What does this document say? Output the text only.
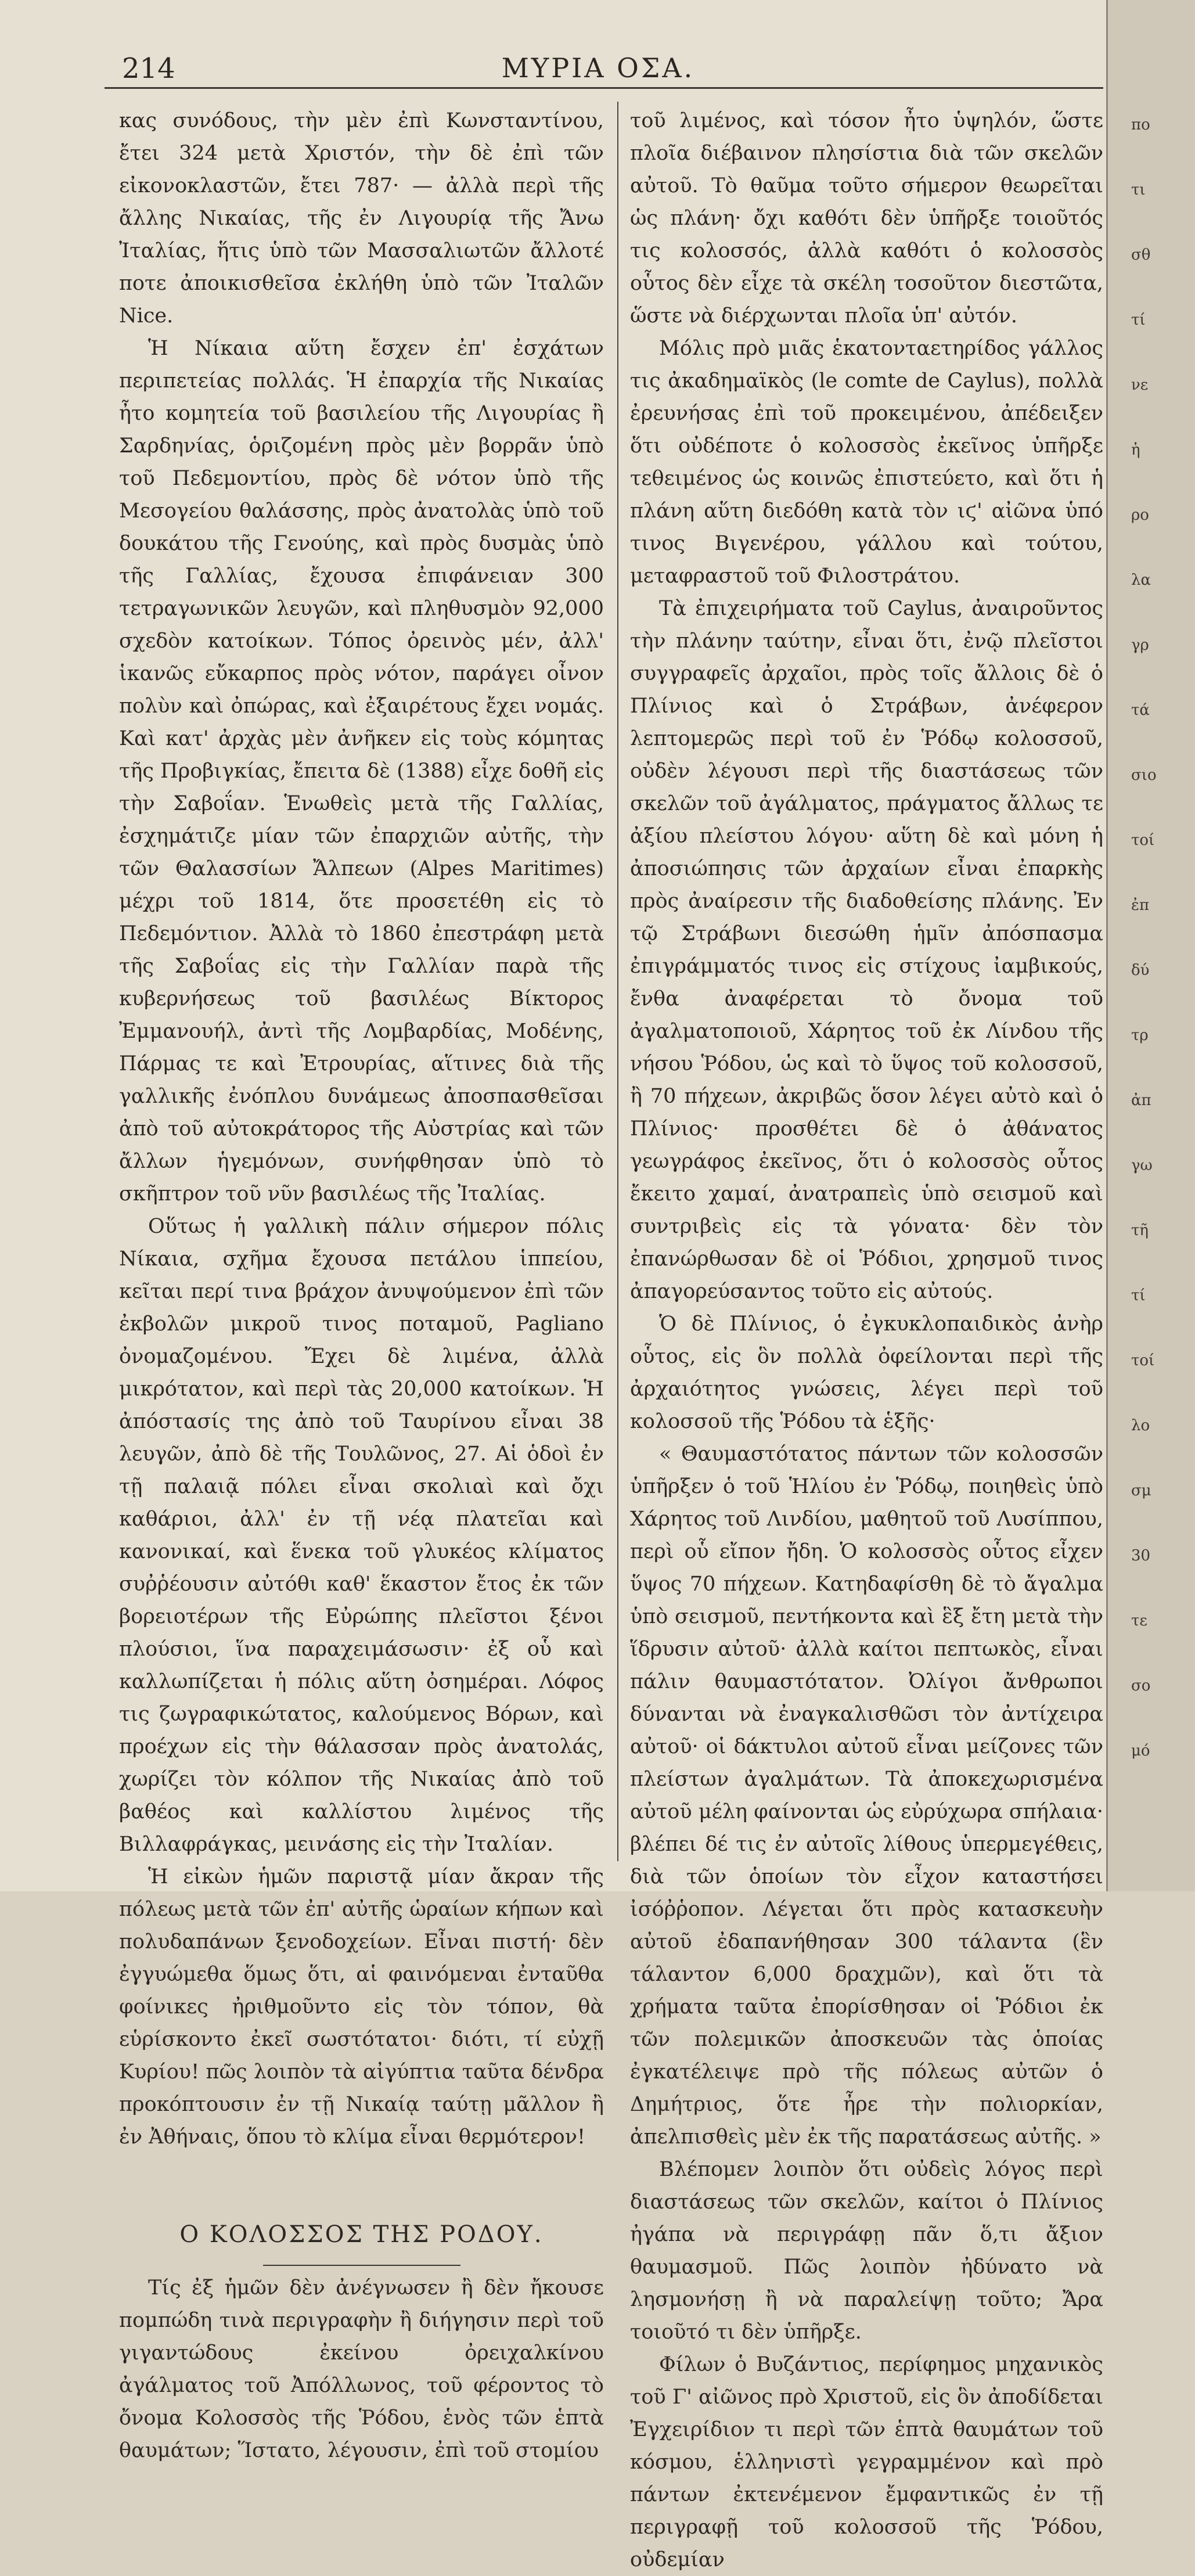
214	ΜΥΡΙΑ ΟΣΑ.

κας συνόδους, τὴν μὲν ἐπὶ Κωνσταντίνου, ἔτει 324 μετὰ Χριστόν, τὴν δὲ ἐπὶ τῶν εἰκονοκλαστῶν, ἔτει 787· — ἀλλὰ περὶ τῆς ἄλλης Νικαίας, τῆς ἐν Λιγουρίᾳ τῆς Ἄνω Ἰταλίας, ἥτις ὑπὸ τῶν Μασσαλιωτῶν ἄλλοτέ ποτε ἀποικισθεῖσα ἐκλήθη ὑπὸ τῶν Ἰταλῶν Nice.

Ἡ Νίκαια αὕτη ἔσχεν ἐπ' ἐσχάτων περιπετείας πολλάς. Ἡ ἐπαρχία τῆς Νικαίας ἦτο κομητεία τοῦ βασιλείου τῆς Λιγουρίας ἢ Σαρδηνίας, ὁριζομένη πρὸς μὲν βορρᾶν ὑπὸ τοῦ Πεδεμοντίου, πρὸς δὲ νότον ὑπὸ τῆς Μεσογείου θαλάσσης, πρὸς ἀνατολὰς ὑπὸ τοῦ δουκάτου τῆς Γενούης, καὶ πρὸς δυσμὰς ὑπὸ τῆς Γαλλίας, ἔχουσα ἐπιφάνειαν 300 τετραγωνικῶν λευγῶν, καὶ πληθυσμὸν 92,000 σχεδὸν κατοίκων. Τόπος ὀρεινὸς μέν, ἀλλ' ἱκανῶς εὔκαρπος πρὸς νότον, παράγει οἶνον πολὺν καὶ ὀπώρας, καὶ ἐξαιρέτους ἔχει νομάς. Καὶ κατ' ἀρχὰς μὲν ἀνῆκεν εἰς τοὺς κόμητας τῆς Προβιγκίας, ἔπειτα δὲ (1388) εἶχε δοθῆ εἰς τὴν Σαβοΐαν. Ἑνωθεὶς μετὰ τῆς Γαλλίας, ἐσχημάτιζε μίαν τῶν ἐπαρχιῶν αὐτῆς, τὴν τῶν Θαλασσίων Ἄλπεων (Alpes Maritimes) μέχρι τοῦ 1814, ὅτε προσετέθη εἰς τὸ Πεδεμόντιον. Ἀλλὰ τὸ 1860 ἐπεστράφη μετὰ τῆς Σαβοΐας εἰς τὴν Γαλλίαν παρὰ τῆς κυβερνήσεως τοῦ βασιλέως Βίκτορος Ἐμμανουήλ, ἀντὶ τῆς Λομβαρδίας, Μοδένης, Πάρμας τε καὶ Ἐτρουρίας, αἵτινες διὰ τῆς γαλλικῆς ἐνόπλου δυνάμεως ἀποσπασθεῖσαι ἀπὸ τοῦ αὐτοκράτορος τῆς Αὐστρίας καὶ τῶν ἄλλων ἡγεμόνων, συνήφθησαν ὑπὸ τὸ σκῆπτρον τοῦ νῦν βασιλέως τῆς Ἰταλίας.

Οὕτως ἡ γαλλικὴ πάλιν σήμερον πόλις Νίκαια, σχῆμα ἔχουσα πετάλου ἱππείου, κεῖται περί τινα βράχον ἀνυψούμενον ἐπὶ τῶν ἐκβολῶν μικροῦ τινος ποταμοῦ, Pagliano ὀνομαζομένου. Ἔχει δὲ λιμένα, ἀλλὰ μικρότατον, καὶ περὶ τὰς 20,000 κατοίκων. Ἡ ἀπόστασίς της ἀπὸ τοῦ Ταυρίνου εἶναι 38 λευγῶν, ἀπὸ δὲ τῆς Τουλῶνος, 27. Αἱ ὁδοὶ ἐν τῇ παλαιᾷ πόλει εἶναι σκολιαὶ καὶ ὄχι καθάριοι, ἀλλ' ἐν τῇ νέᾳ πλατεῖαι καὶ κανονικαί, καὶ ἕνεκα τοῦ γλυκέος κλίματος συῤῥέουσιν αὐτόθι καθ' ἕκαστον ἔτος ἐκ τῶν βορειοτέρων τῆς Εὐρώπης πλεῖστοι ξένοι πλούσιοι, ἵνα παραχειμάσωσιν· ἐξ οὗ καὶ καλλωπίζεται ἡ πόλις αὕτη ὀσημέραι. Λόφος τις ζωγραφικώτατος, καλούμενος Βόρων, καὶ προέχων εἰς τὴν θάλασσαν πρὸς ἀνατολάς, χωρίζει τὸν κόλπον τῆς Νικαίας ἀπὸ τοῦ βαθέος καὶ καλλίστου λιμένος τῆς Βιλλαφράγκας, μεινάσης εἰς τὴν Ἰταλίαν.

Ἡ εἰκὼν ἡμῶν παριστᾷ μίαν ἄκραν τῆς πόλεως μετὰ τῶν ἐπ' αὐτῆς ὡραίων κήπων καὶ πολυδαπάνων ξενοδοχείων. Εἶναι πιστή· δὲν ἐγγυώμεθα ὅμως ὅτι, αἱ φαινόμεναι ἐνταῦθα φοίνικες ἠριθμοῦντο εἰς τὸν τόπον, θὰ εὑρίσκοντο ἐκεῖ σωστότατοι· διότι, τί εὐχῇ Κυρίου! πῶς λοιπὸν τὰ αἰγύπτια ταῦτα δένδρα προκόπτουσιν ἐν τῇ Νικαίᾳ ταύτῃ μᾶλλον ἢ ἐν Ἀθήναις, ὅπου τὸ κλίμα εἶναι θερμότερον!

Ο ΚΟΛΟΣΣΟΣ ΤΗΣ ΡΟΔΟΥ.

Τίς ἐξ ἡμῶν δὲν ἀνέγνωσεν ἢ δὲν ἤκουσε πομπώδη τινὰ περιγραφὴν ἢ διήγησιν περὶ τοῦ γιγαντώδους ἐκείνου ὀρειχαλκίνου ἀγάλματος τοῦ Ἀπόλλωνος, τοῦ φέροντος τὸ ὄνομα Κολοσσὸς τῆς Ῥόδου, ἑνὸς τῶν ἑπτὰ θαυμάτων; Ἵστατο, λέγουσιν, ἐπὶ τοῦ στομίου

τοῦ λιμένος, καὶ τόσον ἦτο ὑψηλόν, ὥστε πλοῖα διέβαινον πλησίστια διὰ τῶν σκελῶν αὐτοῦ. Τὸ θαῦμα τοῦτο σήμερον θεωρεῖται ὡς πλάνη· ὄχι καθότι δὲν ὑπῆρξε τοιοῦτός τις κολοσσός, ἀλλὰ καθότι ὁ κολοσσὸς οὗτος δὲν εἶχε τὰ σκέλη τοσοῦτον διεστῶτα, ὥστε νὰ διέρχωνται πλοῖα ὑπ' αὐτόν.

Μόλις πρὸ μιᾶς ἑκατονταετηρίδος γάλλος τις ἀκαδημαϊκὸς (le comte de Caylus), πολλὰ ἐρευνήσας ἐπὶ τοῦ προκειμένου, ἀπέδειξεν ὅτι οὐδέποτε ὁ κολοσσὸς ἐκεῖνος ὑπῆρξε τεθειμένος ὡς κοινῶς ἐπιστεύετο, καὶ ὅτι ἡ πλάνη αὕτη διεδόθη κατὰ τὸν ιϛ' αἰῶνα ὑπό τινος Βιγενέρου, γάλλου καὶ τούτου, μεταφραστοῦ τοῦ Φιλοστράτου.

Τὰ ἐπιχειρήματα τοῦ Caylus, ἀναιροῦντος τὴν πλάνην ταύτην, εἶναι ὅτι, ἐνῷ πλεῖστοι συγγραφεῖς ἀρχαῖοι, πρὸς τοῖς ἄλλοις δὲ ὁ Πλίνιος καὶ ὁ Στράβων, ἀνέφερον λεπτομερῶς περὶ τοῦ ἐν Ῥόδῳ κολοσσοῦ, οὐδὲν λέγουσι περὶ τῆς διαστάσεως τῶν σκελῶν τοῦ ἀγάλματος, πράγματος ἄλλως τε ἀξίου πλείστου λόγου· αὕτη δὲ καὶ μόνη ἡ ἀποσιώπησις τῶν ἀρχαίων εἶναι ἐπαρκὴς πρὸς ἀναίρεσιν τῆς διαδοθείσης πλάνης. Ἐν τῷ Στράβωνι διεσώθη ἡμῖν ἀπόσπασμα ἐπιγράμματός τινος εἰς στίχους ἰαμβικούς, ἔνθα ἀναφέρεται τὸ ὄνομα τοῦ ἀγαλματοποιοῦ, Χάρητος τοῦ ἐκ Λίνδου τῆς νήσου Ῥόδου, ὡς καὶ τὸ ὕψος τοῦ κολοσσοῦ, ἢ 70 πήχεων, ἀκριβῶς ὅσον λέγει αὐτὸ καὶ ὁ Πλίνιος· προσθέτει δὲ ὁ ἀθάνατος γεωγράφος ἐκεῖνος, ὅτι ὁ κολοσσὸς οὗτος ἔκειτο χαμαί, ἀνατραπεὶς ὑπὸ σεισμοῦ καὶ συντριβεὶς εἰς τὰ γόνατα· δὲν τὸν ἐπανώρθωσαν δὲ οἱ Ῥόδιοι, χρησμοῦ τινος ἀπαγορεύσαντος τοῦτο εἰς αὐτούς.

Ὁ δὲ Πλίνιος, ὁ ἐγκυκλοπαιδικὸς ἀνὴρ οὗτος, εἰς ὃν πολλὰ ὀφείλονται περὶ τῆς ἀρχαιότητος γνώσεις, λέγει περὶ τοῦ κολοσσοῦ τῆς Ῥόδου τὰ ἑξῆς·

« Θαυμαστότατος πάντων τῶν κολοσσῶν ὑπῆρξεν ὁ τοῦ Ἡλίου ἐν Ῥόδῳ, ποιηθεὶς ὑπὸ Χάρητος τοῦ Λινδίου, μαθητοῦ τοῦ Λυσίππου, περὶ οὗ εἴπον ἤδη. Ὁ κολοσσὸς οὗτος εἶχεν ὕψος 70 πήχεων. Κατηδαφίσθη δὲ τὸ ἄγαλμα ὑπὸ σεισμοῦ, πεντήκοντα καὶ ἓξ ἔτη μετὰ τὴν ἵδρυσιν αὐτοῦ· ἀλλὰ καίτοι πεπτωκὸς, εἶναι πάλιν θαυμαστότατον. Ὀλίγοι ἄνθρωποι δύνανται νὰ ἐναγκαλισθῶσι τὸν ἀντίχειρα αὐτοῦ· οἱ δάκτυλοι αὐτοῦ εἶναι μείζονες τῶν πλείστων ἀγαλμάτων. Τὰ ἀποκεχωρισμένα αὐτοῦ μέλη φαίνονται ὡς εὐρύχωρα σπήλαια· βλέπει δέ τις ἐν αὐτοῖς λίθους ὑπερμεγέθεις, διὰ τῶν ὁποίων τὸν εἶχον καταστήσει ἰσόῤῥοπον. Λέγεται ὅτι πρὸς κατασκευὴν αὐτοῦ ἐδαπανήθησαν 300 τάλαντα (ἓν τάλαντον 6,000 δραχμῶν), καὶ ὅτι τὰ χρήματα ταῦτα ἐπορίσθησαν οἱ Ῥόδιοι ἐκ τῶν πολεμικῶν ἀποσκευῶν τὰς ὁποίας ἐγκατέλειψε πρὸ τῆς πόλεως αὐτῶν ὁ Δημήτριος, ὅτε ἦρε τὴν πολιορκίαν, ἀπελπισθεὶς μὲν ἐκ τῆς παρατάσεως αὐτῆς. »

Βλέπομεν λοιπὸν ὅτι οὐδεὶς λόγος περὶ διαστάσεως τῶν σκελῶν, καίτοι ὁ Πλίνιος ἠγάπα νὰ περιγράφῃ πᾶν ὅ,τι ἄξιον θαυμασμοῦ. Πῶς λοιπὸν ἠδύνατο νὰ λησμονήσῃ ἢ νὰ παραλείψῃ τοῦτο; Ἄρα τοιοῦτό τι δὲν ὑπῆρξε.

Φίλων ὁ Βυζάντιος, περίφημος μηχανικὸς τοῦ Γ' αἰῶνος πρὸ Χριστοῦ, εἰς ὃν ἀποδίδεται Ἐγχειρίδιον τι περὶ τῶν ἑπτὰ θαυμάτων τοῦ κόσμου, ἑλληνιστὶ γεγραμμένον καὶ πρὸ πάντων ἐκτενέμενον ἔμφαντικῶς ἐν τῇ περιγραφῇ τοῦ κολοσσοῦ τῆς Ῥόδου, οὐδεμίαν

πο
τι
σθ
τί
νε
ἡ
ρο
λα
γρ
τά
σιο
τοί
ἐπ
δύ
τρ
ἀπ
γω
τῆ
τί
τοί
λο
σμ
30
τε
σο
μό
